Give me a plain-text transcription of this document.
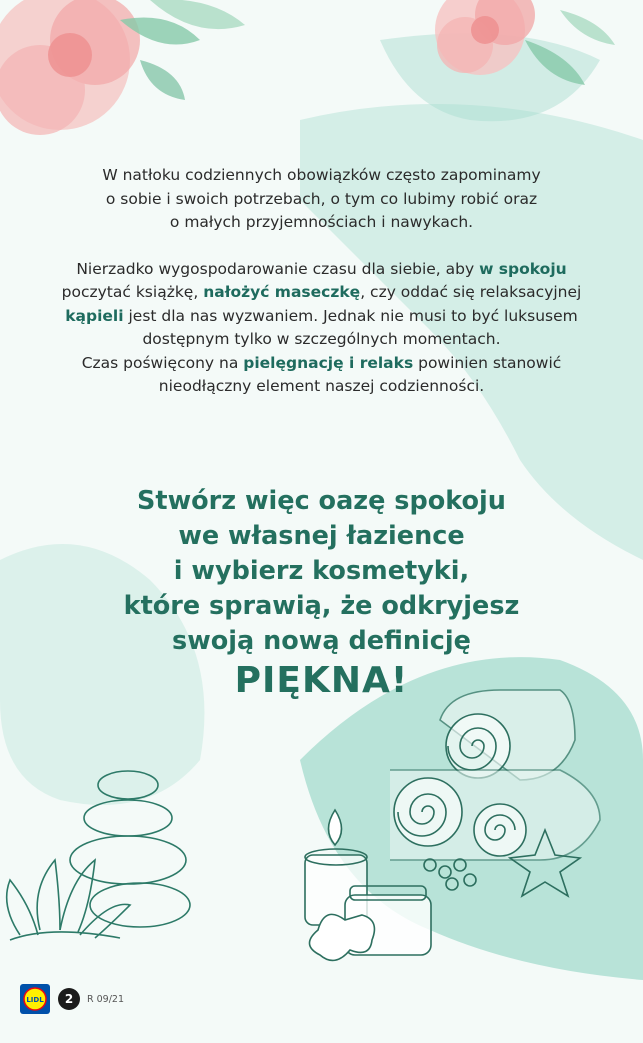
W natłoku codziennych obowiązków często zapominamy
o sobie i swoich potrzebach, o tym co lubimy robić oraz
o małych przyjemnościach i nawykach.

Nierzadko wygospodarowanie czasu dla siebie, aby w spokoju
poczytać książkę, nałożyć maseczkę, czy oddać się relaksacyjnej
kąpieli jest dla nas wyzwaniem. Jednak nie musi to być luksusem
dostępnym tylko w szczególnych momentach.
Czas poświęcony na pielęgnację i relaks powinien stanowić
nieodłączny element naszej codzienności.

Stwórz więc oazę spokoju
we własnej łazience
i wybierz kosmetyki,
które sprawią, że odkryjesz
swoją nową definicję
PIĘKNA!
LIDL	2	R 09/21
